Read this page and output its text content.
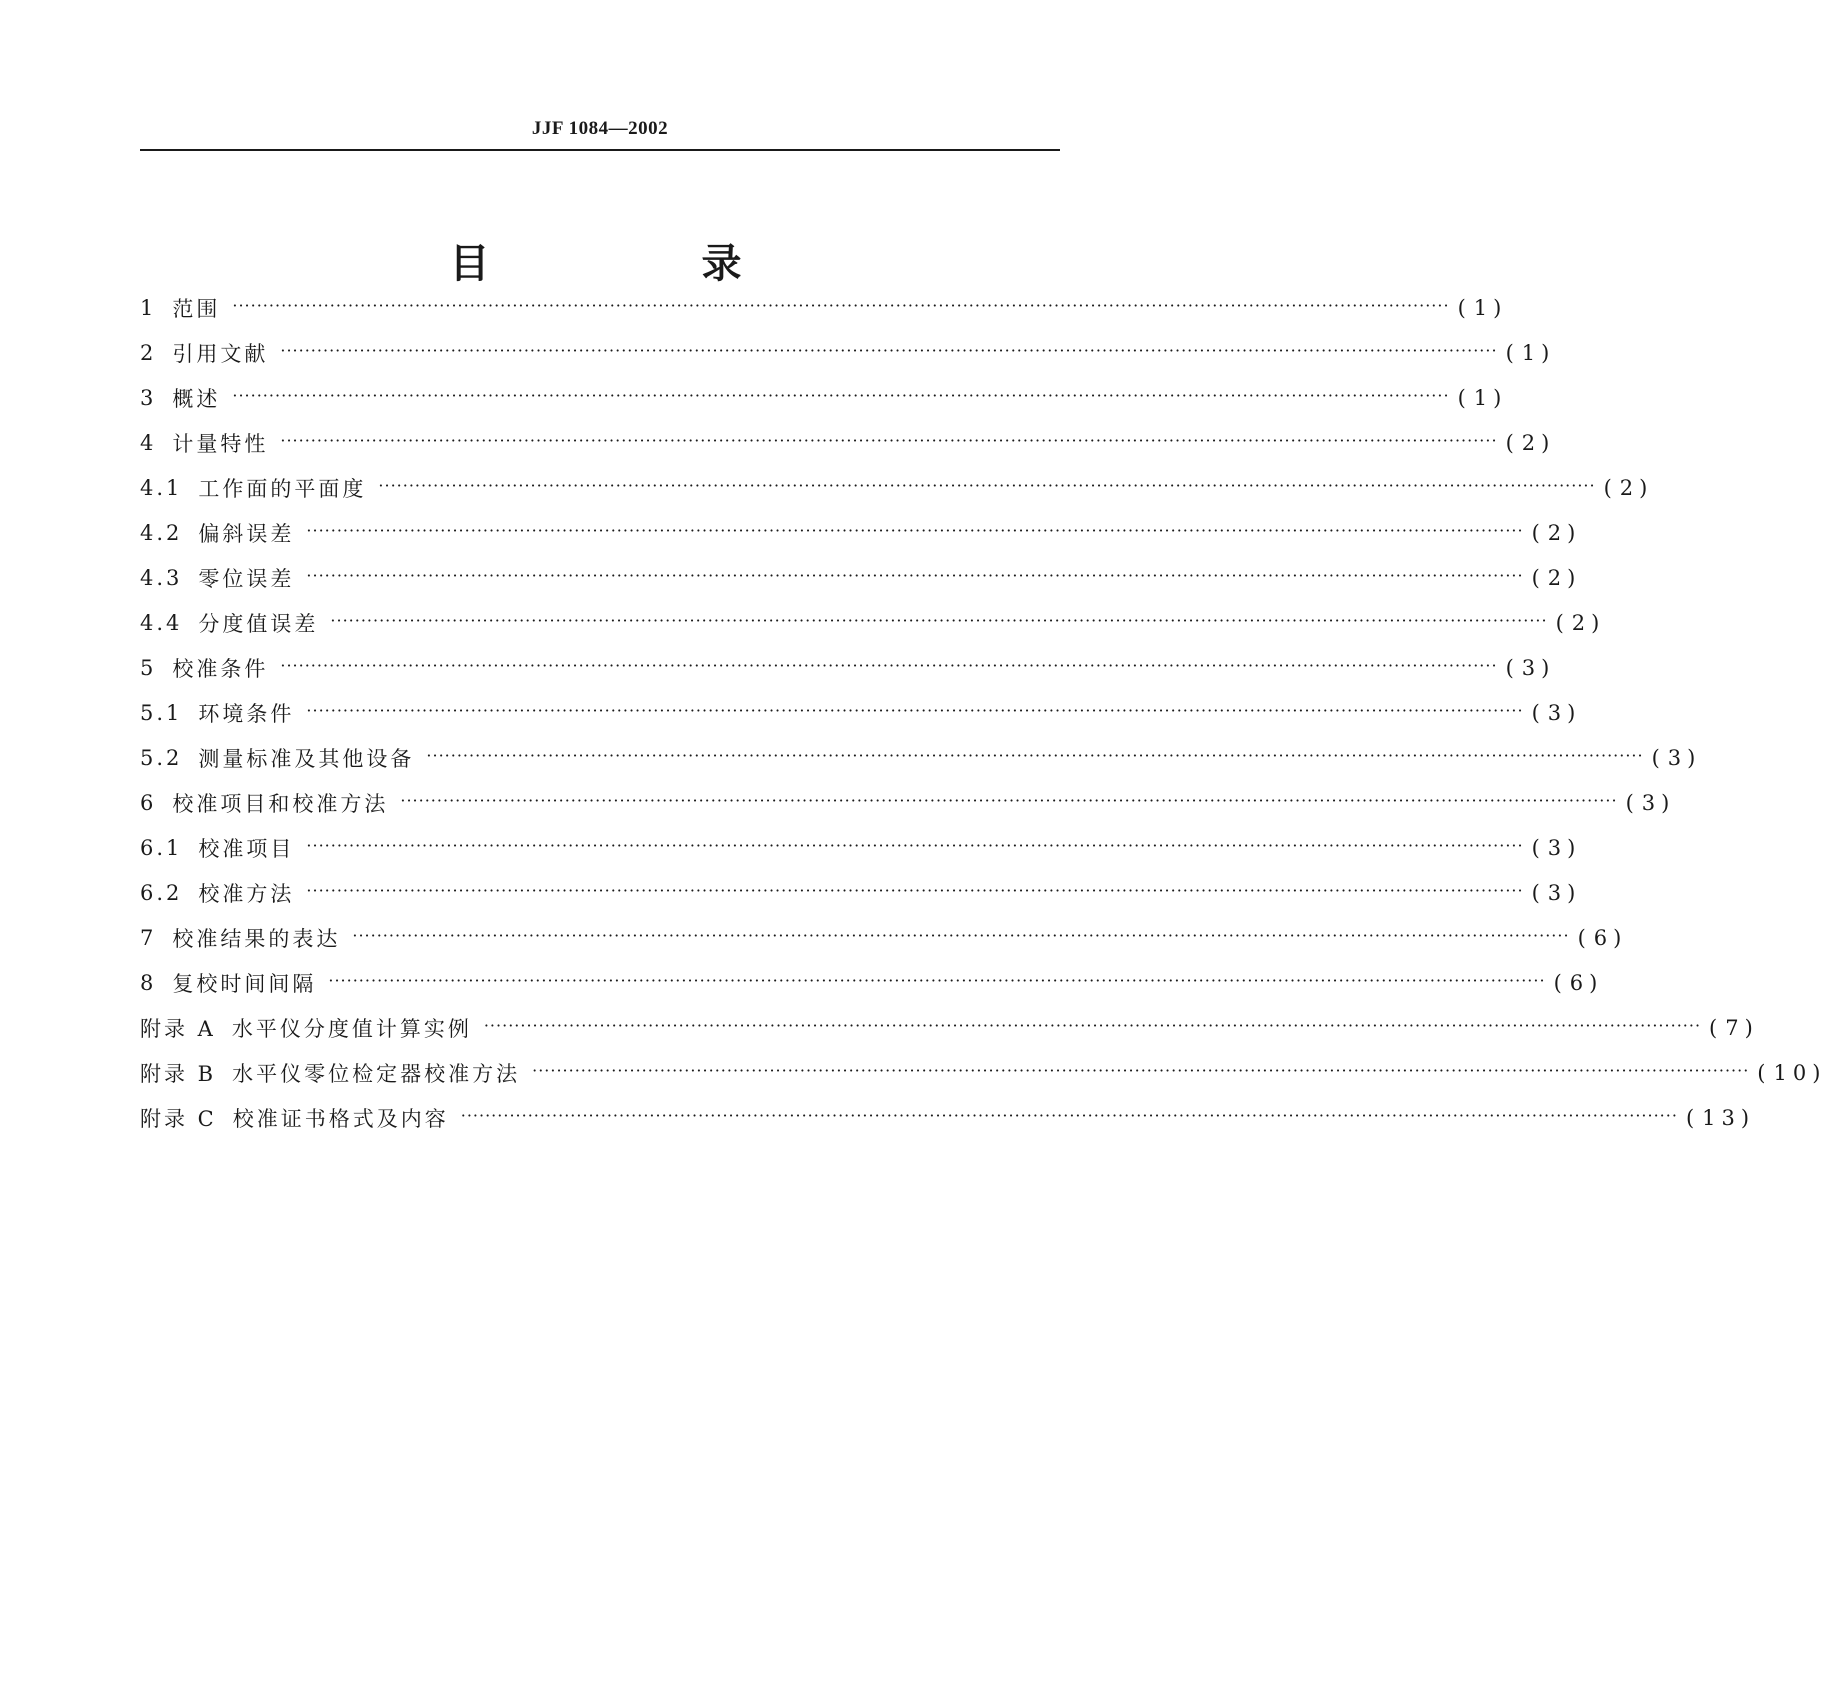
JJF 1084—2002
目　录
1 范围 ········································································································································································································ (1)
2 引用文献 ········································································································································································································ (1)
3 概述 ········································································································································································································ (1)
4 计量特性 ········································································································································································································ (2)
4.1 工作面的平面度 ········································································································································································································ (2)
4.2 偏斜误差 ········································································································································································································ (2)
4.3 零位误差 ········································································································································································································ (2)
4.4 分度值误差 ········································································································································································································ (2)
5 校准条件 ········································································································································································································ (3)
5.1 环境条件 ········································································································································································································ (3)
5.2 测量标准及其他设备 ········································································································································································································ (3)
6 校准项目和校准方法 ········································································································································································································ (3)
6.1 校准项目 ········································································································································································································ (3)
6.2 校准方法 ········································································································································································································ (3)
7 校准结果的表达 ········································································································································································································ (6)
8 复校时间间隔 ········································································································································································································ (6)
附录 A 水平仪分度值计算实例 ········································································································································································································ (7)
附录 B 水平仪零位检定器校准方法 ········································································································································································································ (10)
附录 C 校准证书格式及内容 ········································································································································································································ (13)
